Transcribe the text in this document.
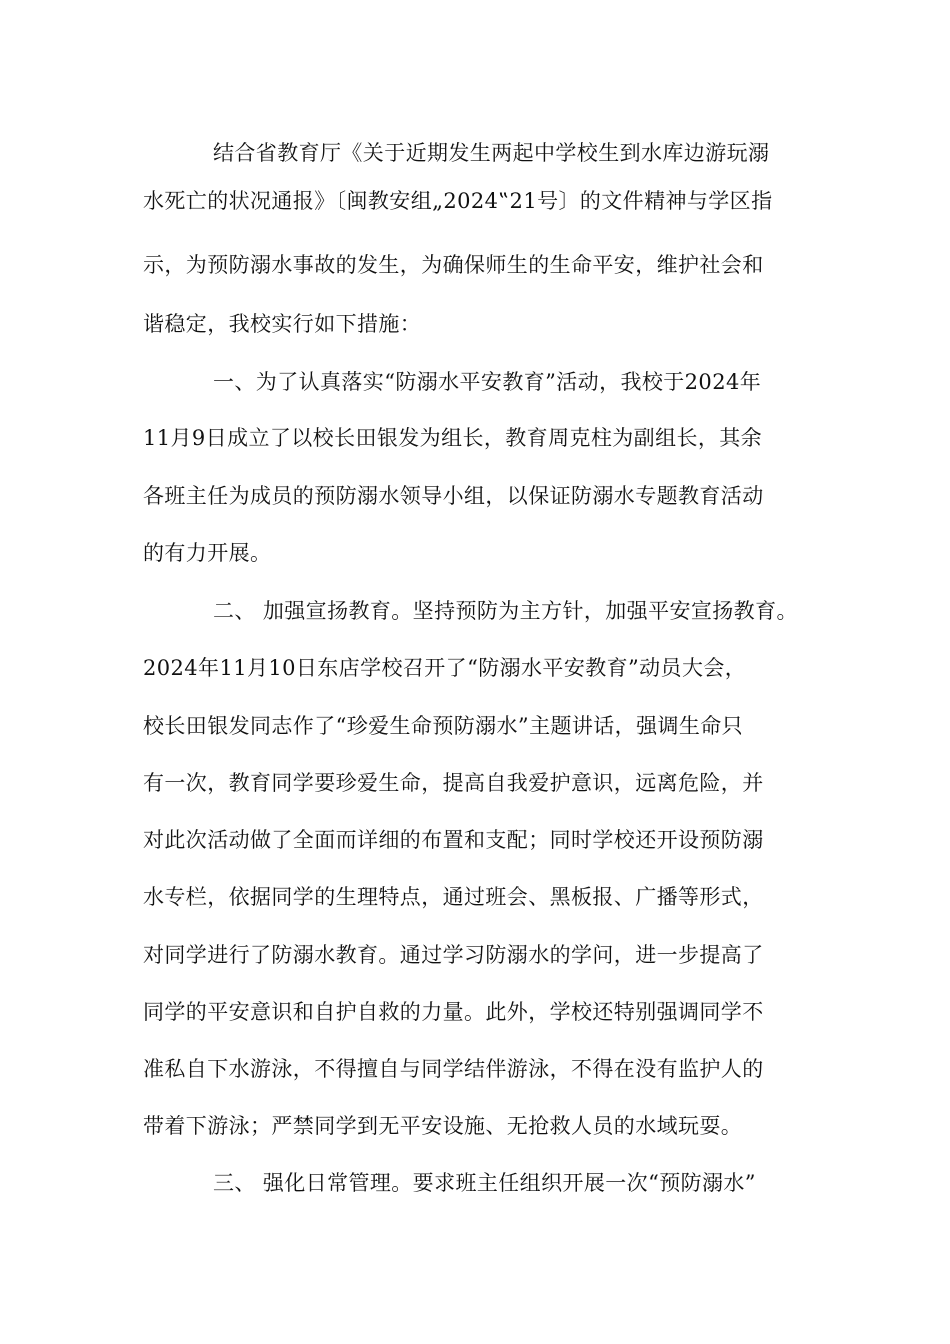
结合省教育厅《关于近期发生两起中学校生到水库边游玩溺
水死亡的状况通报》〔闽教安组„2024‟21号〕的文件精神与学区指
示，为预防溺水事故的发生，为确保师生的生命平安，维护社会和
谐稳定，我校实行如下措施：
一、为了认真落实“防溺水平安教育”活动，我校于2024年
11月9日成立了以校长田银发为组长，教育周克柱为副组长，其余
各班主任为成员的预防溺水领导小组，以保证防溺水专题教育活动
的有力开展。
二、 加强宣扬教育。坚持预防为主方针，加强平安宣扬教育。
2024年11月10日东店学校召开了“防溺水平安教育”动员大会，
校长田银发同志作了“珍爱生命预防溺水”主题讲话，强调生命只
有一次，教育同学要珍爱生命，提高自我爱护意识，远离危险，并
对此次活动做了全面而详细的布置和支配；同时学校还开设预防溺
水专栏，依据同学的生理特点，通过班会、黑板报、广播等形式，
对同学进行了防溺水教育。通过学习防溺水的学问，进一步提高了
同学的平安意识和自护自救的力量。此外，学校还特别强调同学不
准私自下水游泳，不得擅自与同学结伴游泳，不得在没有监护人的
带着下游泳；严禁同学到无平安设施、无抢救人员的水域玩耍。
三、 强化日常管理。要求班主任组织开展一次“预防溺水”
